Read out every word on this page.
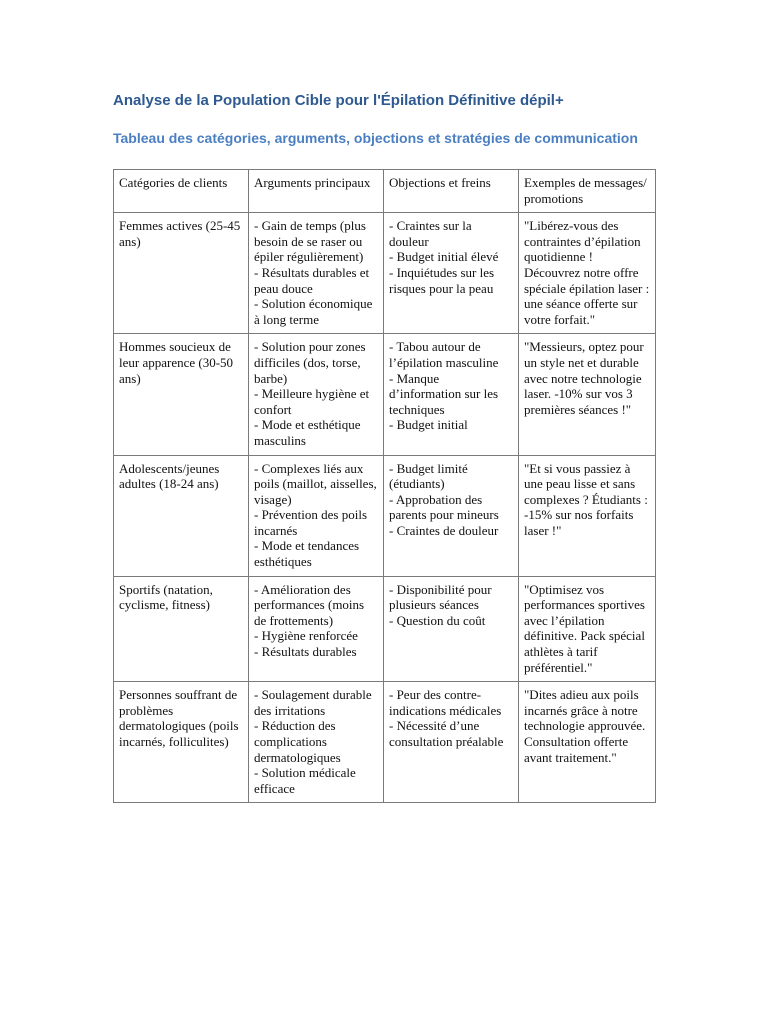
Analyse de la Population Cible pour l'Épilation Définitive dépil+
Tableau des catégories, arguments, objections et stratégies de communication
Catégories de clients	Arguments principaux	Objections et freins	Exemples de messages/ promotions
Femmes actives (25-45 ans)	- Gain de temps (plus besoin de se raser ou épiler régulièrement)
- Résultats durables et peau douce
- Solution économique à long terme	- Craintes sur la douleur
- Budget initial élevé
- Inquiétudes sur les risques pour la peau	"Libérez-vous des contraintes d’épilation quotidienne ! Découvrez notre offre spéciale épilation laser : une séance offerte sur votre forfait."
Hommes soucieux de leur apparence (30-50 ans)	- Solution pour zones difficiles (dos, torse, barbe)
- Meilleure hygiène et confort
- Mode et esthétique masculins	- Tabou autour de l’épilation masculine
- Manque d’information sur les techniques
- Budget initial	"Messieurs, optez pour un style net et durable avec notre technologie laser. -10% sur vos 3 premières séances !"
Adolescents/jeunes adultes (18-24 ans)	- Complexes liés aux poils (maillot, aisselles, visage)
- Prévention des poils incarnés
- Mode et tendances esthétiques	- Budget limité (étudiants)
- Approbation des parents pour mineurs
- Craintes de douleur	"Et si vous passiez à une peau lisse et sans complexes ? Étudiants : -15% sur nos forfaits laser !"
Sportifs (natation, cyclisme, fitness)	- Amélioration des performances (moins de frottements)
- Hygiène renforcée
- Résultats durables	- Disponibilité pour plusieurs séances
- Question du coût	"Optimisez vos performances sportives avec l’épilation définitive. Pack spécial athlètes à tarif préférentiel."
Personnes souffrant de problèmes dermatologiques (poils incarnés, folliculites)	- Soulagement durable des irritations
- Réduction des complications dermatologiques
- Solution médicale efficace	- Peur des contre-indications médicales
- Nécessité d’une consultation préalable	"Dites adieu aux poils incarnés grâce à notre technologie approuvée. Consultation offerte avant traitement."
